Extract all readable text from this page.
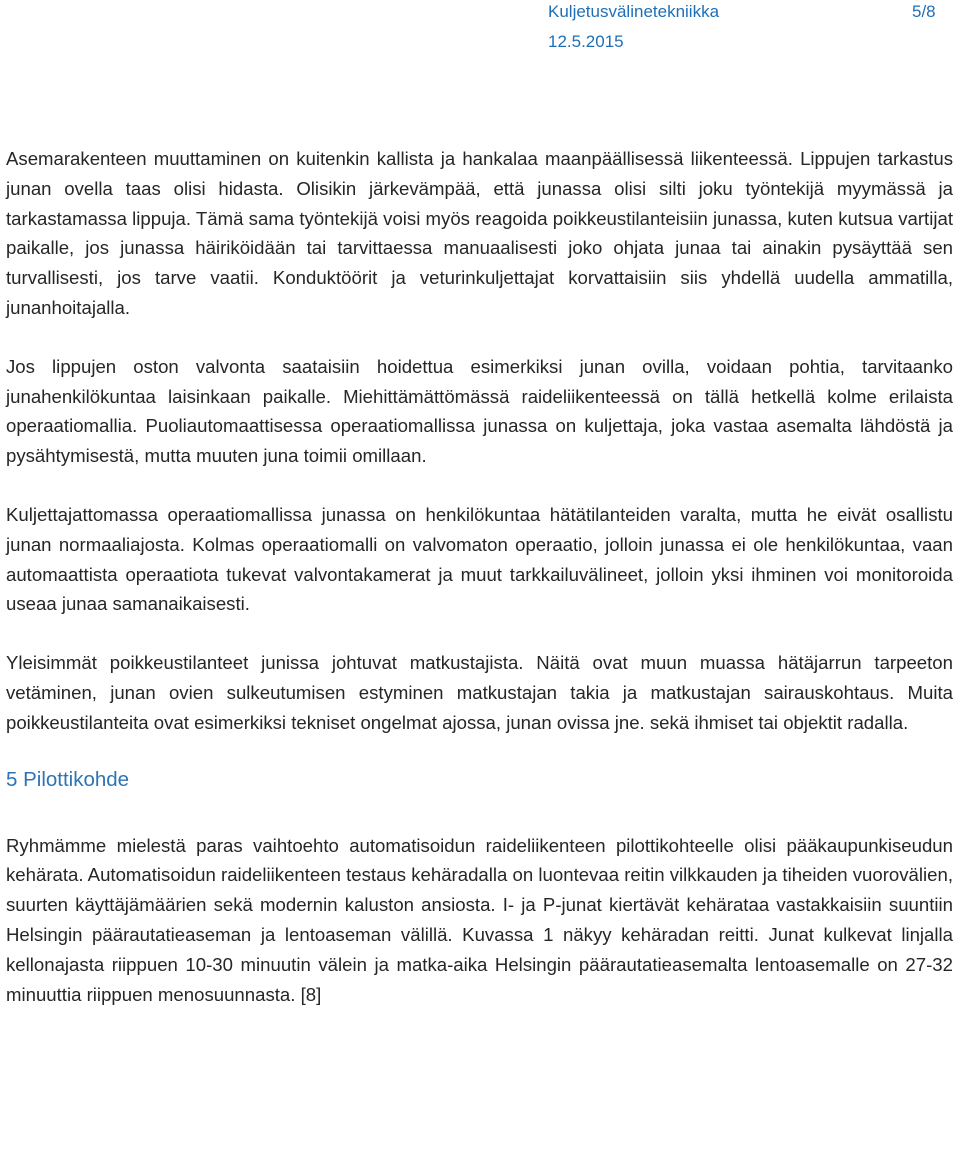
Kuljetusvälinetekniikka	5/8
12.5.2015

Asemarakenteen muuttaminen on kuitenkin kallista ja hankalaa maanpäällisessä liikenteessä. Lippujen tarkastus junan ovella taas olisi hidasta. Olisikin järkevämpää, että junassa olisi silti joku työntekijä myymässä ja tarkastamassa lippuja. Tämä sama työntekijä voisi myös reagoida poikkeustilanteisiin junassa, kuten kutsua vartijat paikalle, jos junassa häiriköidään tai tarvittaessa manuaalisesti joko ohjata junaa tai ainakin pysäyttää sen turvallisesti, jos tarve vaatii. Konduktöörit ja veturinkuljettajat korvattaisiin siis yhdellä uudella ammatilla, junanhoitajalla.

Jos lippujen oston valvonta saataisiin hoidettua esimerkiksi junan ovilla, voidaan pohtia, tarvitaanko junahenkilökuntaa laisinkaan paikalle. Miehittämättömässä raideliikenteessä on tällä hetkellä kolme erilaista operaatiomallia. Puoliautomaattisessa operaatiomallissa junassa on kuljettaja, joka vastaa asemalta lähdöstä ja pysähtymisestä, mutta muuten juna toimii omillaan.

Kuljettajattomassa operaatiomallissa junassa on henkilökuntaa hätätilanteiden varalta, mutta he eivät osallistu junan normaaliajosta. Kolmas operaatiomalli on valvomaton operaatio, jolloin junassa ei ole henkilökuntaa, vaan automaattista operaatiota tukevat valvontakamerat ja muut tarkkailuvälineet, jolloin yksi ihminen voi monitoroida useaa junaa samanaikaisesti.

Yleisimmät poikkeustilanteet junissa johtuvat matkustajista. Näitä ovat muun muassa hätäjarrun tarpeeton vetäminen, junan ovien sulkeutumisen estyminen matkustajan takia ja matkustajan sairauskohtaus. Muita poikkeustilanteita ovat esimerkiksi tekniset ongelmat ajossa, junan ovissa jne. sekä ihmiset tai objektit radalla.

5 Pilottikohde

Ryhmämme mielestä paras vaihtoehto automatisoidun raideliikenteen pilottikohteelle olisi pääkaupunkiseudun kehärata. Automatisoidun raideliikenteen testaus kehäradalla on luontevaa reitin vilkkauden ja tiheiden vuorovälien, suurten käyttäjämäärien sekä modernin kaluston ansiosta. I- ja P-junat kiertävät kehärataa vastakkaisiin suuntiin Helsingin päärautatieaseman ja lentoaseman välillä. Kuvassa 1 näkyy kehäradan reitti. Junat kulkevat linjalla kellonajasta riippuen 10-30 minuutin välein ja matka-aika Helsingin päärautatieasemalta lentoasemalle on 27-32 minuuttia riippuen menosuunnasta. [8]
